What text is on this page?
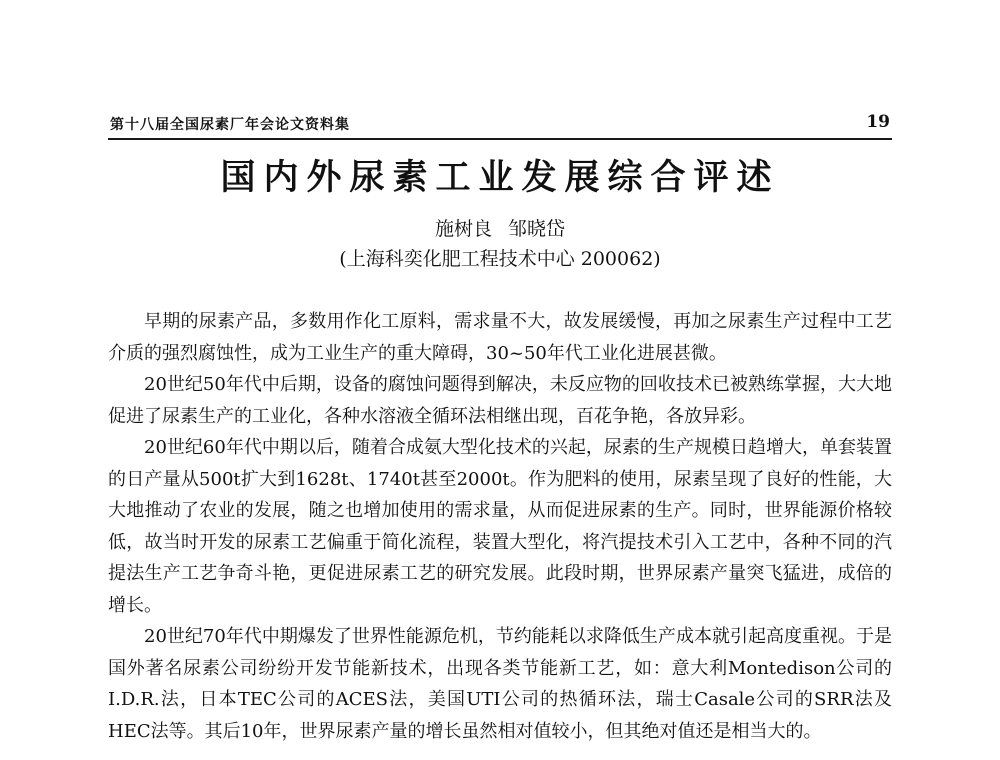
第十八届全国尿素厂年会论文资料集	19
国内外尿素工业发展综合评述
施树良 邹晓岱
(上海科奕化肥工程技术中心 200062)

早期的尿素产品，多数用作化工原料，需求量不大，故发展缓慢，再加之尿素生产过程中工艺介质的强烈腐蚀性，成为工业生产的重大障碍，30~50年代工业化进展甚微。

20世纪50年代中后期，设备的腐蚀问题得到解决，未反应物的回收技术已被熟练掌握，大大地促进了尿素生产的工业化，各种水溶液全循环法相继出现，百花争艳，各放异彩。

20世纪60年代中期以后，随着合成氨大型化技术的兴起，尿素的生产规模日趋增大，单套装置的日产量从500t扩大到1628t、1740t甚至2000t。作为肥料的使用，尿素呈现了良好的性能，大大地推动了农业的发展，随之也增加使用的需求量，从而促进尿素的生产。同时，世界能源价格较低，故当时开发的尿素工艺偏重于简化流程，装置大型化，将汽提技术引入工艺中，各种不同的汽提法生产工艺争奇斗艳，更促进尿素工艺的研究发展。此段时期，世界尿素产量突飞猛进，成倍的增长。

20世纪70年代中期爆发了世界性能源危机，节约能耗以求降低生产成本就引起高度重视。于是国外著名尿素公司纷纷开发节能新技术，出现各类节能新工艺，如：意大利Montedison公司的I.D.R.法，日本TEC公司的ACES法，美国UTI公司的热循环法，瑞士Casale公司的SRR法及HEC法等。其后10年，世界尿素产量的增长虽然相对值较小，但其绝对值还是相当大的。
